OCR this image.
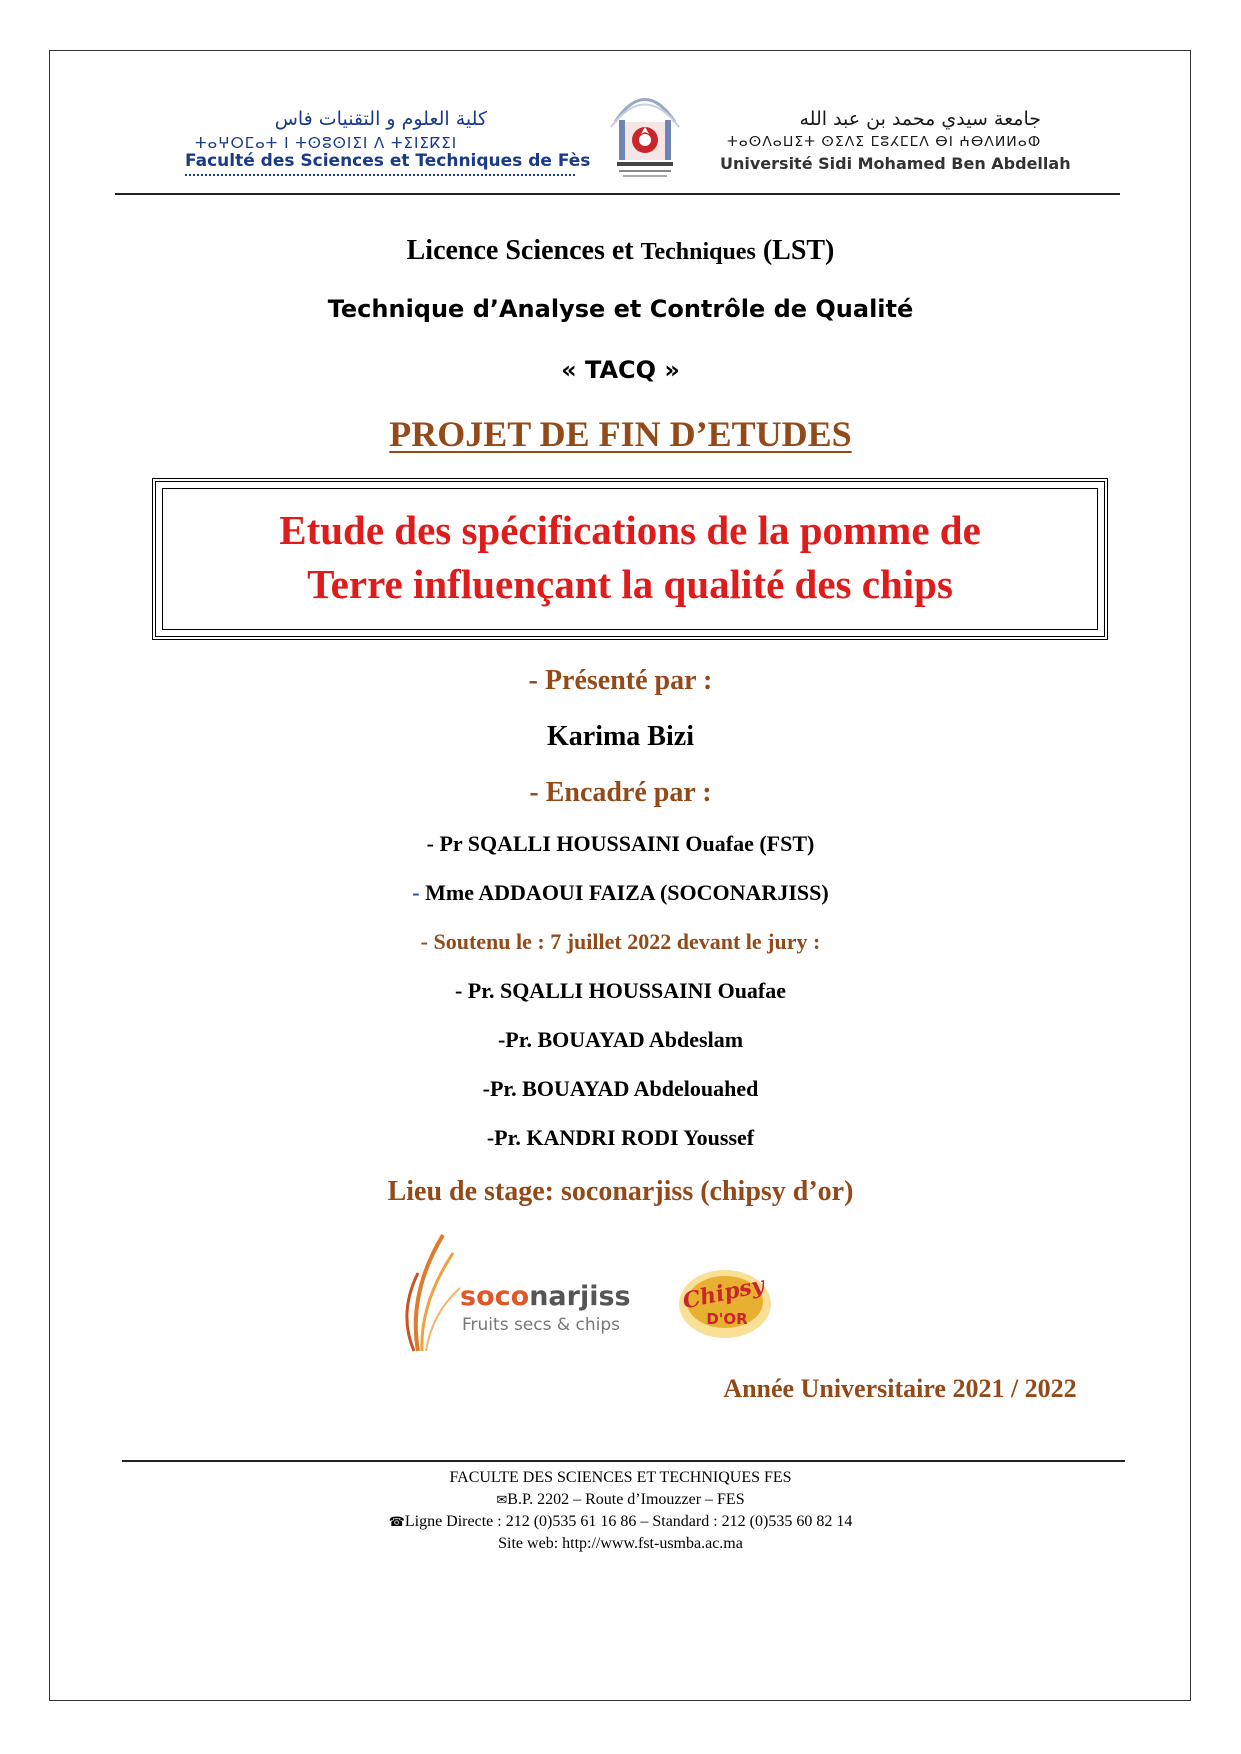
كلية العلوم و التقنيات فاس
ⵜⴰⵖⵔⵎⴰⵜ ⵏ ⵜⵙⵓⵙⵏⵉⵏ ⴷ ⵜⵉⵏⵉⴽⵉⵏ
Faculté des Sciences et Techniques de Fès
جامعة سيدي محمد بن عبد الله
ⵜⴰⵙⴷⴰⵡⵉⵜ ⵙⵉⴷⵉ ⵎⵓⵃⵎⵎⴷ ⴱⵏ ⵄⴱⴷⵍⵍⴰⵀ
Université Sidi Mohamed Ben Abdellah
Licence Sciences et Techniques (LST)
Technique d’Analyse et Contrôle de Qualité
« TACQ »
PROJET DE FIN D’ETUDES
Etude des spécifications de la pomme de
Terre influençant la qualité des chips
- Présenté par :
Karima Bizi
- Encadré par :
- Pr SQALLI HOUSSAINI Ouafae (FST)
- Mme ADDAOUI FAIZA (SOCONARJISS)
- Soutenu le : 7 juillet 2022 devant le jury :
- Pr. SQALLI HOUSSAINI Ouafae
-Pr. BOUAYAD Abdeslam
-Pr. BOUAYAD Abdelouahed
-Pr. KANDRI RODI Youssef
Lieu de stage: soconarjiss (chipsy d’or)
soconarjiss
Fruits secs & chips
Chipsy
D'OR
Année Universitaire 2021 / 2022
FACULTE DES SCIENCES ET TECHNIQUES FES
✉B.P. 2202 – Route d’Imouzzer – FES
☎Ligne Directe : 212 (0)535 61 16 86 – Standard : 212 (0)535 60 82 14
Site web: http://www.fst-usmba.ac.ma
